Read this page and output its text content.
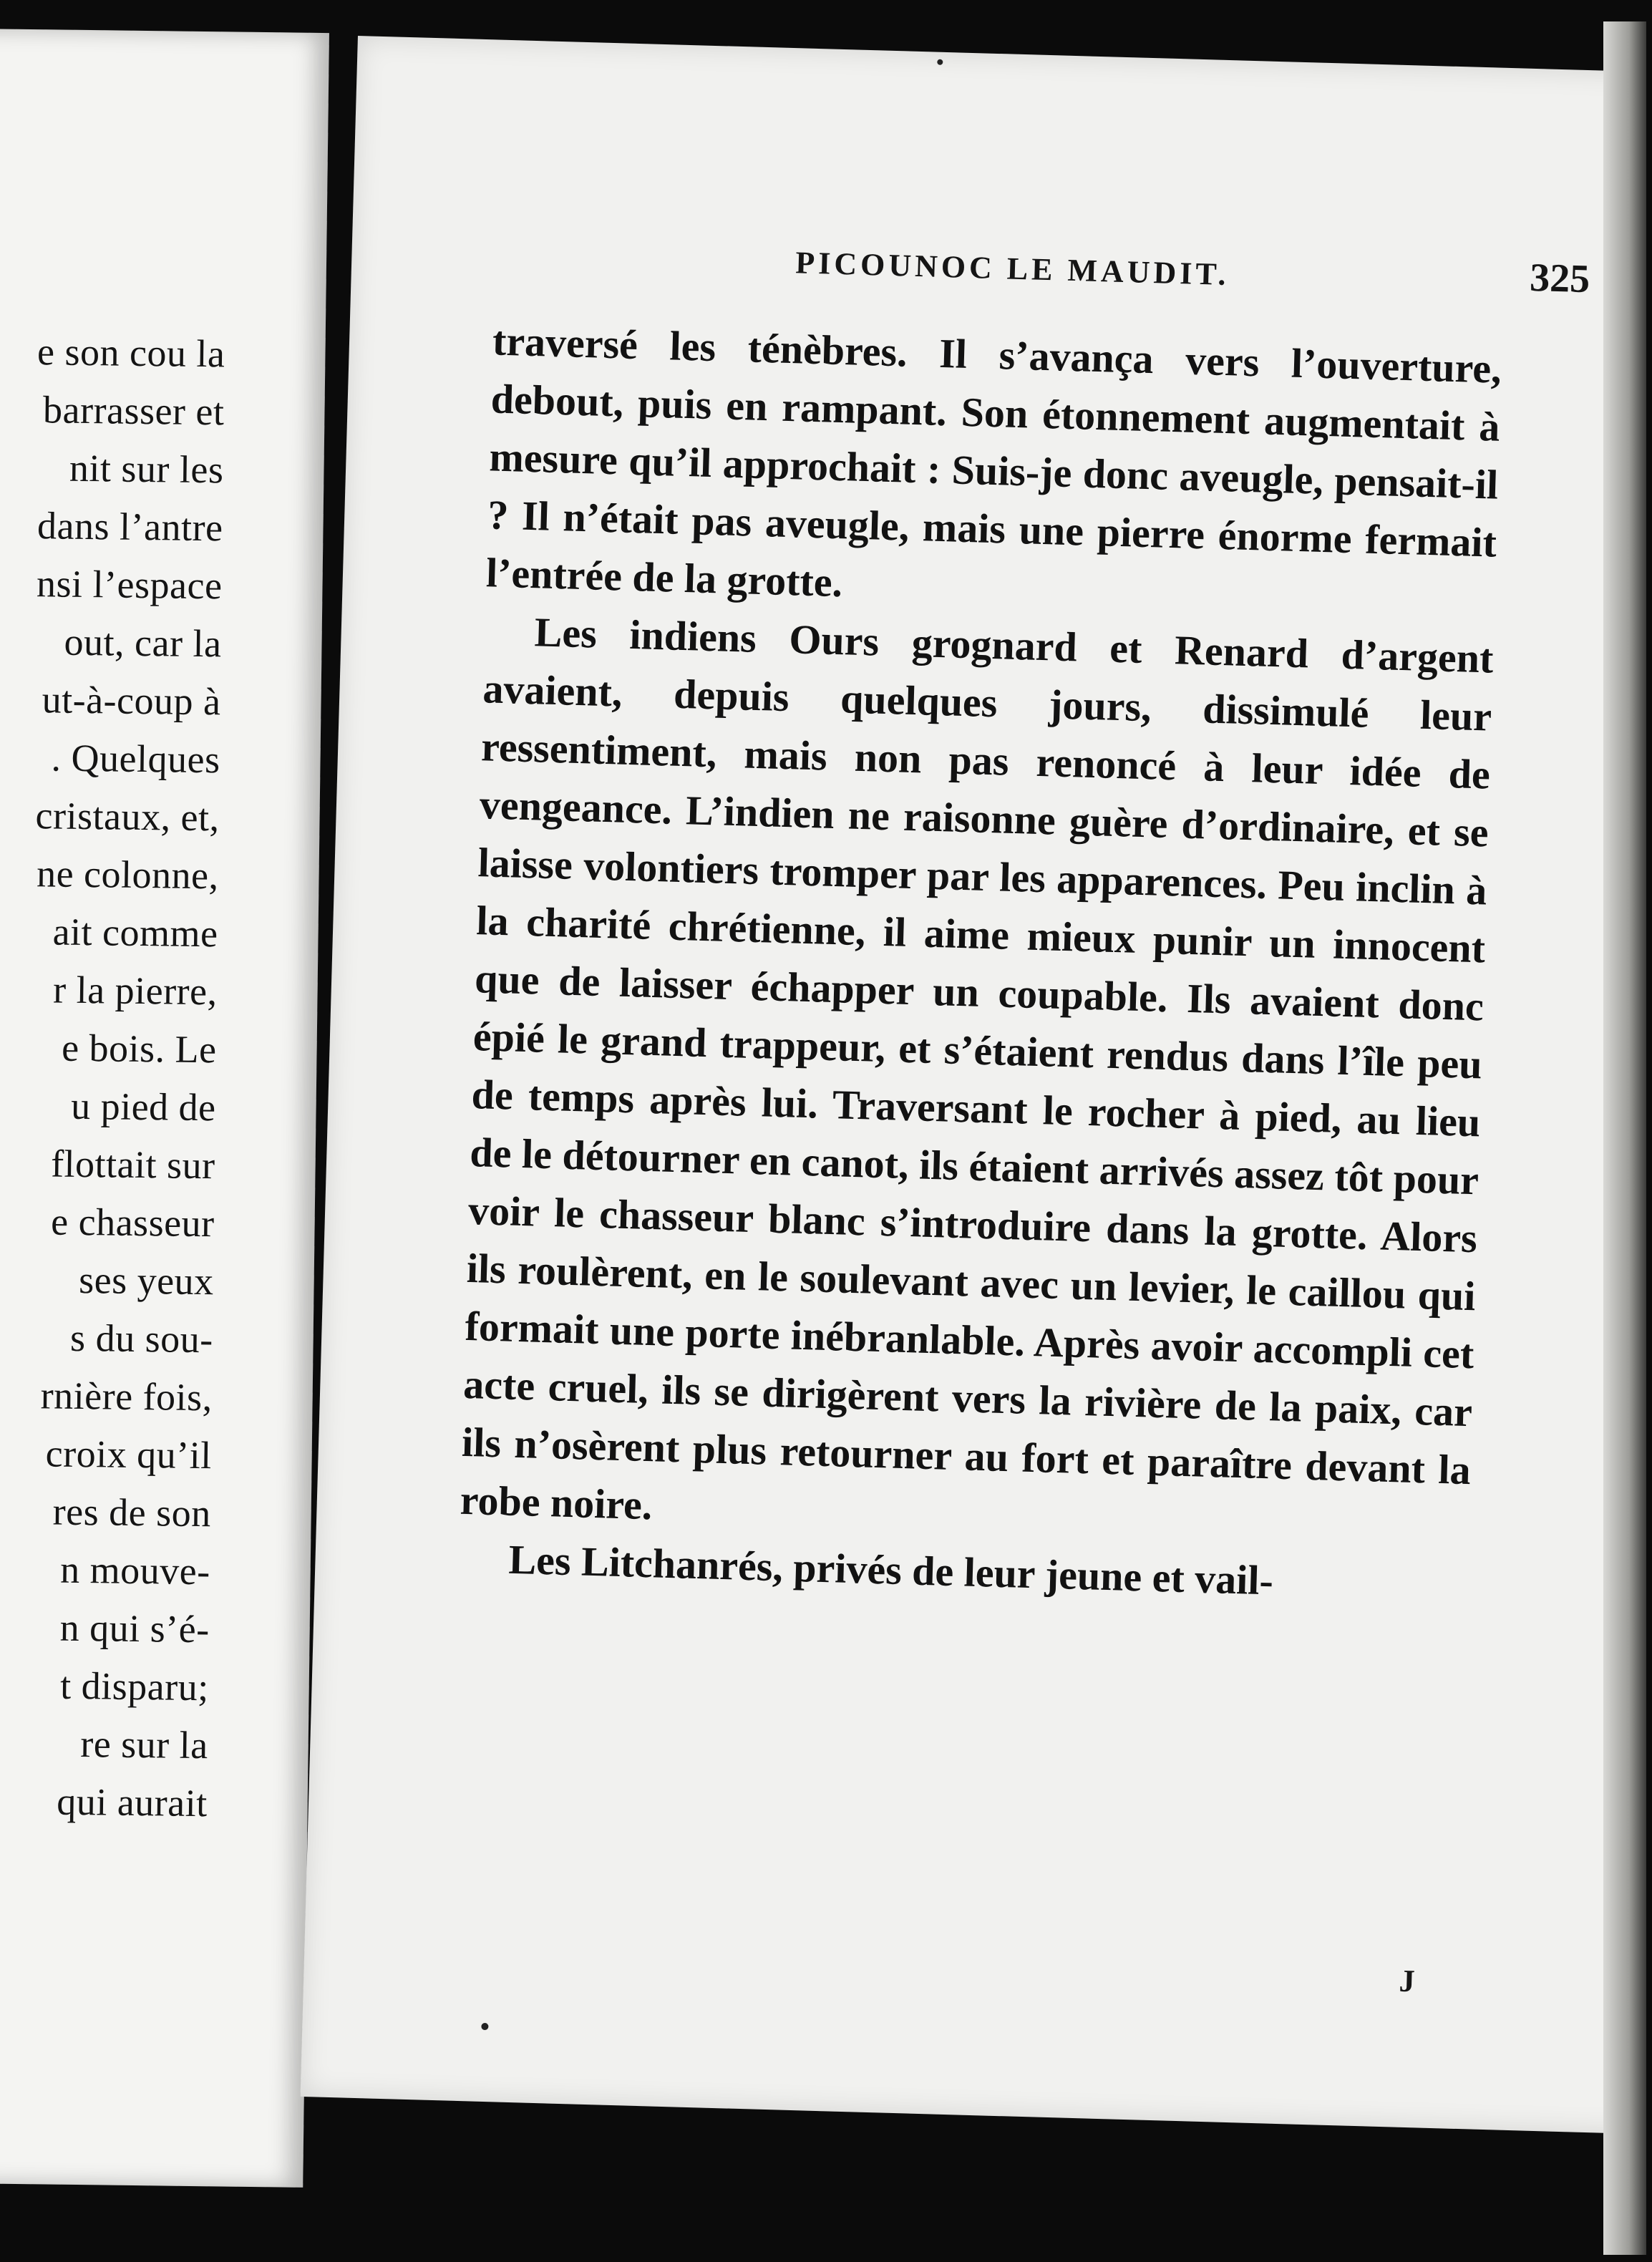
e son cou la
barrasser et
nit sur les
dans l’antre
nsi l’espace
out, car la
ut-à-coup à
. Quelques
cristaux, et,
ne colonne,
ait comme
r la pierre,
e bois. Le
u pied de
flottait sur
e chasseur
ses yeux
s du sou-
rnière fois,
croix qu’il
res de son
n mouve-
n qui s’é-
t disparu;
re sur la
qui aurait
PICOUNOC LE MAUDIT.	325

traversé les ténèbres. Il s’avança vers l’ouverture, debout, puis en rampant. Son étonnement augmentait à mesure qu’il approchait : Suis-je donc aveugle, pensait-il ? Il n’était pas aveugle, mais une pierre énorme fermait l’entrée de la grotte.

Les indiens Ours grognard et Renard d’argent avaient, depuis quelques jours, dissimulé leur ressentiment, mais non pas renoncé à leur idée de vengeance. L’indien ne raisonne guère d’ordinaire, et se laisse volontiers tromper par les apparences. Peu inclin à la charité chrétienne, il aime mieux punir un innocent que de laisser échapper un coupable. Ils avaient donc épié le grand trappeur, et s’étaient rendus dans l’île peu de temps après lui. Traversant le rocher à pied, au lieu de le détourner en canot, ils étaient arrivés assez tôt pour voir le chasseur blanc s’introduire dans la grotte. Alors ils roulèrent, en le soulevant avec un levier, le caillou qui formait une porte inébranlable. Après avoir accompli cet acte cruel, ils se dirigèrent vers la rivière de la paix, car ils n’osèrent plus retourner au fort et paraître devant la robe noire.

Les Litchanrés, privés de leur jeune et vail-

J
